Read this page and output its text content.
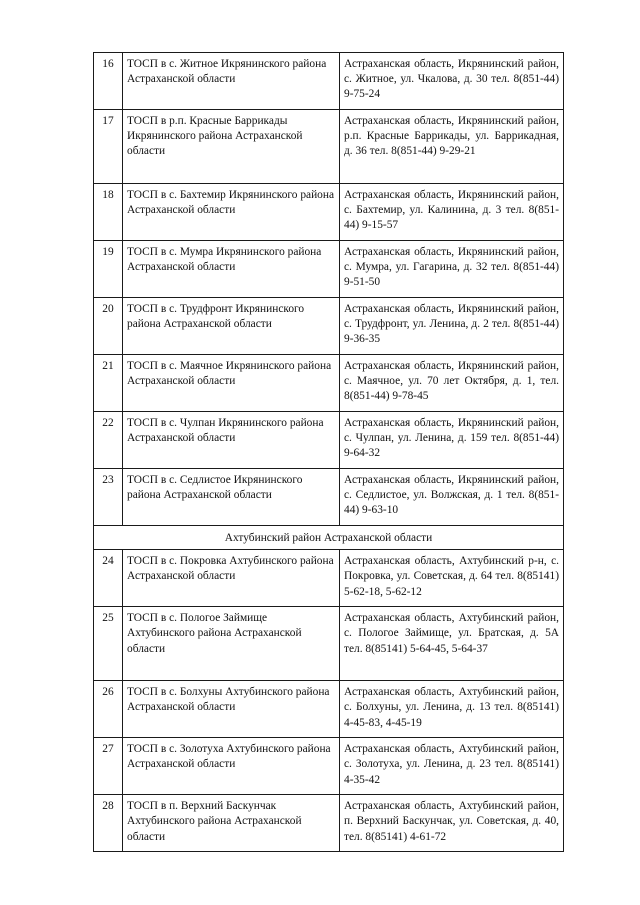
16	ТОСП в с. Житное Икрянинского района Астраханской области	Астраханская область, Икрянинский район, с. Житное, ул. Чкалова, д. 30 тел. 8(851-44) 9-75-24
17	ТОСП в р.п. Красные Баррикады Икрянинского района Астраханской области	Астраханская область, Икрянинский район, р.п. Красные Баррикады, ул. Баррикадная, д. 36 тел. 8(851-44) 9-29-21
18	ТОСП в с. Бахтемир Икрянинского района Астраханской области	Астраханская область, Икрянинский район, с. Бахтемир, ул. Калинина, д. 3 тел. 8(851-44) 9-15-57
19	ТОСП в с. Мумра Икрянинского района Астраханской области	Астраханская область, Икрянинский район, с. Мумра, ул. Гагарина, д. 32 тел. 8(851-44) 9-51-50
20	ТОСП в с. Трудфронт Икрянинского района Астраханской области	Астраханская область, Икрянинский район, с. Трудфронт, ул. Ленина, д. 2 тел. 8(851-44) 9-36-35
21	ТОСП в с. Маячное Икрянинского района Астраханской области	Астраханская область, Икрянинский район, с. Маячное, ул. 70 лет Октября, д. 1, тел. 8(851-44) 9-78-45
22	ТОСП в с. Чулпан Икрянинского района Астраханской области	Астраханская область, Икрянинский район, с. Чулпан, ул. Ленина, д. 159 тел. 8(851-44) 9-64-32
23	ТОСП в с. Седлистое Икрянинского района Астраханской области	Астраханская область, Икрянинский район, с. Седлистое, ул. Волжская, д. 1 тел. 8(851-44) 9-63-10
Ахтубинский район Астраханской области		
24	ТОСП в с. Покровка Ахтубинского района Астраханской области	Астраханская область, Ахтубинский р-н, с. Покровка, ул. Советская, д. 64 тел. 8(85141) 5-62-18, 5-62-12
25	ТОСП в с. Пологое Займище Ахтубинского района Астраханской области	Астраханская область, Ахтубинский район, с. Пологое Займище, ул. Братская, д. 5А тел. 8(85141) 5-64-45, 5-64-37
26	ТОСП в с. Болхуны Ахтубинского района Астраханской области	Астраханская область, Ахтубинский район, с. Болхуны, ул. Ленина, д. 13 тел. 8(85141) 4-45-83, 4-45-19
27	ТОСП в с. Золотуха Ахтубинского района Астраханской области	Астраханская область, Ахтубинский район, с. Золотуха, ул. Ленина, д. 23 тел. 8(85141) 4-35-42
28	ТОСП в п. Верхний Баскунчак Ахтубинского района Астраханской области	Астраханская область, Ахтубинский район, п. Верхний Баскунчак, ул. Советская, д. 40, тел. 8(85141) 4-61-72
